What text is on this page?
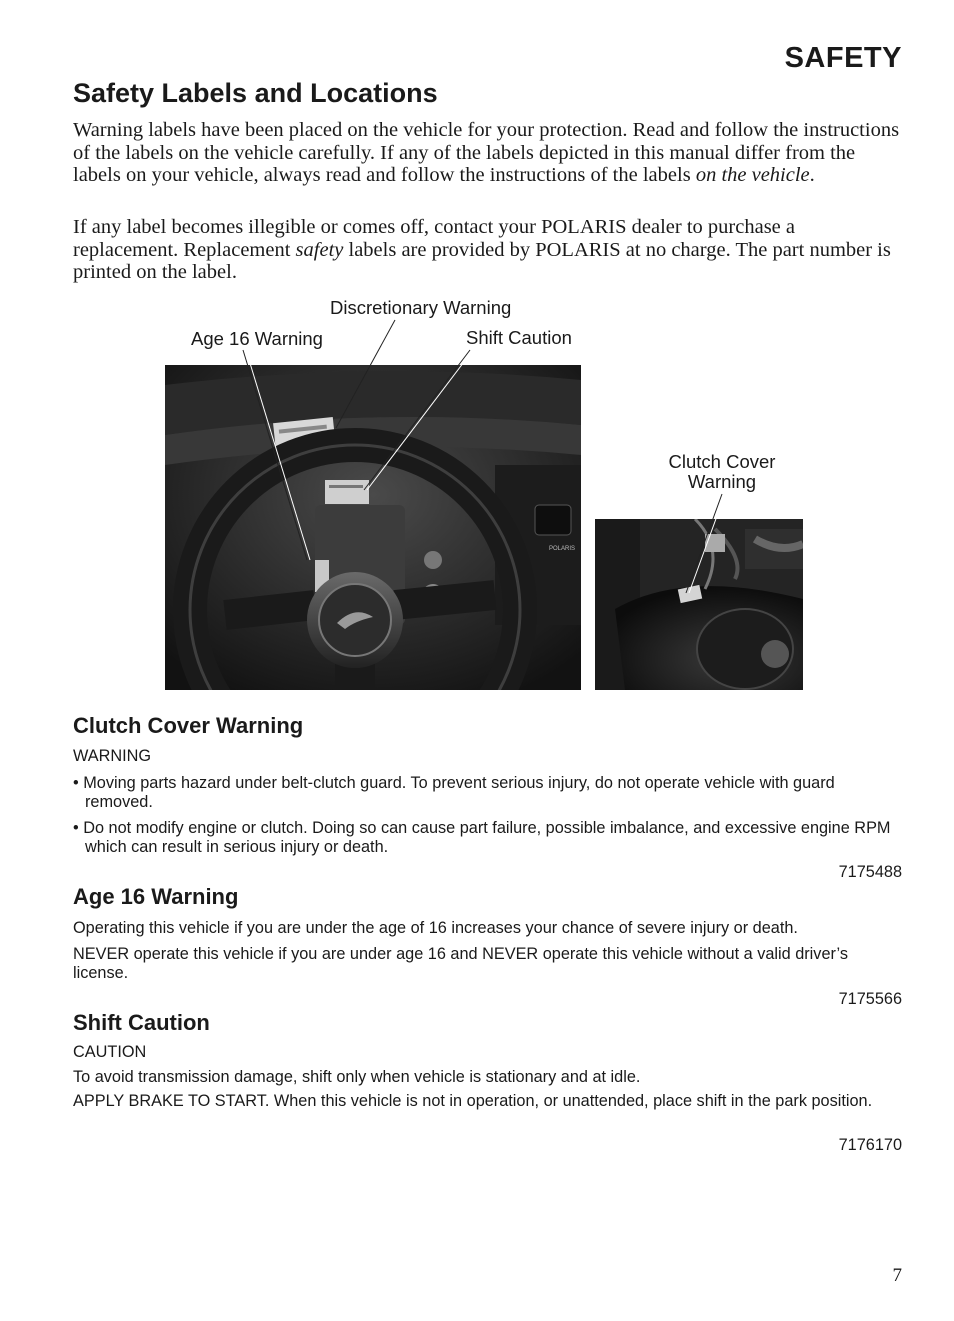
SAFETY
Safety Labels and Locations

Warning labels have been placed on the vehicle for your protection. Read and follow the instructions of the labels on the vehicle carefully. If any of the labels depicted in this manual differ from the labels on your vehicle, always read and follow the instructions of the labels on the vehicle.

If any label becomes illegible or comes off, contact your POLARIS dealer to purchase a replacement. Replacement safety labels are provided by POLARIS at no charge. The part number is printed on the label.

Discretionary Warning
Age 16 Warning	Shift Caution
Clutch Cover Warning
POLARIS
Clutch Cover Warning

WARNING

• Moving parts hazard under belt-clutch guard. To prevent serious injury, do not operate vehicle with guard removed.
• Do not modify engine or clutch. Doing so can cause part failure, possible imbalance, and excessive engine RPM which can result in serious injury or death.
7175488
Age 16 Warning

Operating this vehicle if you are under the age of 16 increases your chance of severe injury or death.

NEVER operate this vehicle if you are under age 16 and NEVER operate this vehicle without a valid driver’s license.

7175566
Shift Caution

CAUTION

To avoid transmission damage, shift only when vehicle is stationary and at idle.

APPLY BRAKE TO START. When this vehicle is not in operation, or unattended, place shift in the park position.

7176170
7
